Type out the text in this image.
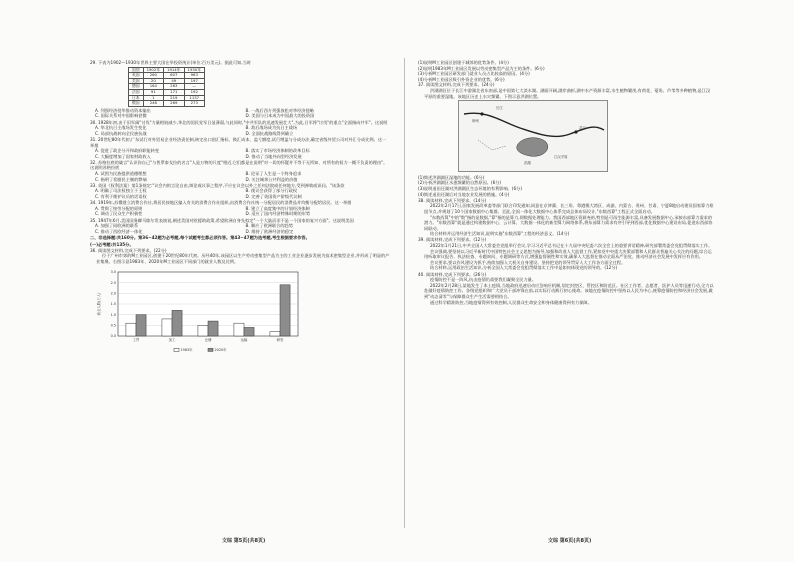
29. 下表为1902—1930年世界主要大国在华投资统计(单位:百万美元)。据此可知,当时
国别	1902年	1914年	1930年
英国	260	607	963
美国	20	49	197
德国	164	263	—
法国	91	171	192
日本	1	219	1137
俄国	246	269	273
A. 列强经济侵华推动资本输出	B. 一战后西方列强放松对华经济侵略
C. 国际关系对中国影响甚微	D. 美国与日本成为中国最大的投资国
30. 1928年初,由于旧军阀"讨伐"力量相较减少,华北的国民党军日显薄弱,与此同时,"中共军队的迅速发展壮大",为此,日军将"讨伐"的重点"全面指向共军"。这说明
A. 华北抗日主战场发生变化	B. 敌后战场成为抗日主战场
C. 局部抗战转向全民族抗战	D. 全面抗战路线得到确立
31. 20世纪80年代初,广东试行对外贸易企业经济责任制,核定出口创汇指标、换汇成本、盈亏额度,试行增盈与分成办法,确定省级外贸公司对外汇分成比例。这一举措
A. 促进了政企分开和政府职能转变	B. 落实了市场经济体制的改革目标
C. 大幅度增加了国家财政收入	D. 推动了当地外向型经济发展
32. 苏格拉底的箴言"认识你自己"与普罗泰戈拉的名言"人是万物的尺度"相近,它们都是在说明"对一切的怀疑并不等于无所知、对所有的权力一概不负责的理由"。这说明苏格拉底
A. 试图为民族提供道德理想	B. 论证了人生是一个终身追求
C. 指明了希腊民主制的弊端	D. 关注城邦公共利益的价值
33. 英国《权利法案》第1条规定:"议会内的言论自由,辩论或议事之程序,不应在议会以外之任何法院或任何地方,受到弹劾或讯问。"该条款
A. 明确了司法权独立于王权	B. 使议会获得了部分行政权
C. 有利于维护议员的话语权	D. 完善了英国资产阶级代议制
34. 1919年,苏俄建立消费合作社,将居民按地区编入有关的消费合作社组织,由消费合作社统一分配居民的消费品并均衡分配给居民。这一举措
A. 贯彻了按劳分配的原则	B. 建立了高度集中的计划经济体制
C. 调动了民众生产积极性	D. 适应了国内经济特殊时期的形势
35. 1947年6月,美国国务卿马歇尔发表演说,阐述美国对欧援助政策,希望欧洲自身先拟定"一个大陆而非不是一个国家的复兴方面"。这说明美国
A. 加强了同欧洲的联系	B. 顺应了欧洲联合的趋势
C. 推动了西欧经济一体化	D. 维持了欧洲经济的稳定
二、非选择题:共160分。第36~42题为必考题,每个试题考生都必须作答。第43~47题为选考题,考生根据要求作答。
(一)必考题:共135分。
36. 阅读图文材料,完成下列要求。(22分)
位于广州市郊的M工业园区,创建于20世纪80年代初。历经40年,该园区以生产劳动密集型产品为主的工业企业逐步发展为技术密集型企业,并形成了明显的产业集聚。右图示意1983年、2020年M工业园区不同部门的就业人数及比例。
0.0
0.5
1.0
1.5
2.0
2.5
3.0
就业人数(万人)
工贸	加工	仓储	运输	研发
1983年	2020年
(1)说明M工业园区创建于城郊的优势条件。(4分)
(2)说明1983年M工业园区发展以劳动密集型产品为主的条件。(6分)
(3)分析M工业园区研发部门就业人员占比较高的原因。(4分)
(4)分析M工业园区吸引外资企业的优势。(6分)
37. 阅读图文材料,完成下列要求。(24分)
洪湖湖区位于长江中游湖北省东南部,是中国第七大淡水湖。湖面开阔,湖岸曲折,湖中水产资源丰富,水生植物繁茂,有荷花、菱角、芦苇等多种植物,是江汉平原的重要湿地。该地区历史上水灾频繁。下图示意洪湖位置。
长江
洪湖
武汉
荆州
江汉平原
(1)简述洪湖湖区湿地的功能。(6分)
(2)分析洪湖湖区水患频繁的自然原因。(6分)
(3)说明退田还湖对洪湖湖区生态环境的有利影响。(6分)
(4)简述退田还湖后对当地农业发展的措施。(4分)
38. 阅读材料,完成下列要求。(14分)
2022年2月17日,国家发展改革委等部门联合印发通知,同意在京津冀、长三角、粤港澳大湾区、成渝、内蒙古、贵州、甘肃、宁夏8地启动建设国家算力枢纽节点,并规划了10个国家数据中心集群。至此,全国一体化大数据中心体系完成总体布局设计,"东数西算"工程正式全面启动。
"东数西算"中的"数"指的是数据,"算"指的是算力,即数据处理能力。我国西部地区资源充裕,特别是可再生能源丰富,具备发展数据中心,承接东部算力需求的潜力。"东数西算"就是通过构建数据中心、云计算、大数据一体化的新型算力网络体系,将东部算力需求有序引导到西部,优化数据中心建设布局,促进东西部协同联动。
结合材料并运用经济生活知识,说明实施"东数西算"工程的经济意义。(14分)
39. 阅读材料,完成下列要求。(12分)
2022年1月21日,中共全国人大常委会党组举行会议,学习习近平总书记在十九届中央纪委六次全会上的重要讲话精神,研究部署常委会党组贯彻落实工作。
会议强调,要坚持以习近平新时代中国特色社会主义思想为指导,加强和改进人大监督工作,紧扣党中央重大决策部署和人民群众普遍关心关注的问题,综合运用听取审议报告、执法检查、专题询问、专题调研等方式,增强监督刚性和实效,确保人大监督在推动全面从严治党、推动经济社会发展中发挥应有作用。
会议要求,要以作风建设为抓手,持续加强人大机关自身建设。坚持把党的领导贯穿人大工作各方面全过程。
结合材料,运用政治生活知识,分析全国人大常委会党组贯彻落实工作中是如何体现党的领导的。(12分)
40. 阅读材料,完成下列要求。(26分)
疫情防控不是一阵风,抗击疫情仍需要我们凝聚全民力量。
2022年2月28日,某地发生了本土疫情,当地政府迅速启动应急响应机制,划定封控区、管控区和防范区。社区工作者、志愿者、医护人员等迅速行动,全力以赴做好疫情防控工作。各级党组织和广大党员干部冲锋在前,以实际行动践行初心使命。该地在疫情防控中坚持以人民为中心,统筹疫情防控和经济社会发展,做到"动态清零"与保障群众生产生活需要相结合。
通过科学精准防控,当地疫情得到有效控制,人民群众生命安全和身体健康得到有力保障。
文综 第5页(共8页)	文综 第6页(共8页)
